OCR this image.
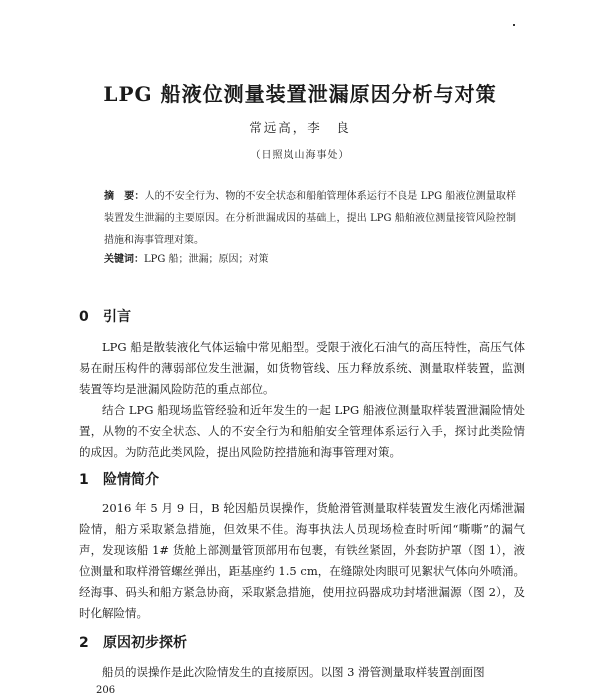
LPG 船液位测量装置泄漏原因分析与对策
常远高，李　良
（日照岚山海事处）

摘　要：人的不安全行为、物的不安全状态和船舶管理体系运行不良是 LPG 船液位测量取样装置发生泄漏的主要原因。在分析泄漏成因的基础上，提出 LPG 船舶液位测量接管风险控制措施和海事管理对策。

关键词：LPG 船；泄漏；原因；对策

0 引言

LPG 船是散装液化气体运输中常见船型。受限于液化石油气的高压特性，高压气体易在耐压构件的薄弱部位发生泄漏，如货物管线、压力释放系统、测量取样装置，监测装置等均是泄漏风险防范的重点部位。

结合 LPG 船现场监管经验和近年发生的一起 LPG 船液位测量取样装置泄漏险情处置，从物的不安全状态、人的不安全行为和船舶安全管理体系运行入手，探讨此类险情的成因。为防范此类风险，提出风险防控措施和海事管理对策。

1 险情简介

2016 年 5 月 9 日，B 轮因船员误操作，货舱滑管测量取样装置发生液化丙烯泄漏险情，船方采取紧急措施，但效果不佳。海事执法人员现场检查时听闻“嘶嘶”的漏气声，发现该船 1# 货舱上部测量管顶部用布包裹，有铁丝紧固，外套防护罩（图 1），液位测量和取样滑管螺丝弹出，距基座约 1.5 cm，在缝隙处肉眼可见絮状气体向外喷涌。经海事、码头和船方紧急协商，采取紧急措施，使用拉码器成功封堵泄漏源（图 2），及时化解险情。

2 原因初步探析

船员的误操作是此次险情发生的直接原因。以图 3 滑管测量取样装置剖面图

206
